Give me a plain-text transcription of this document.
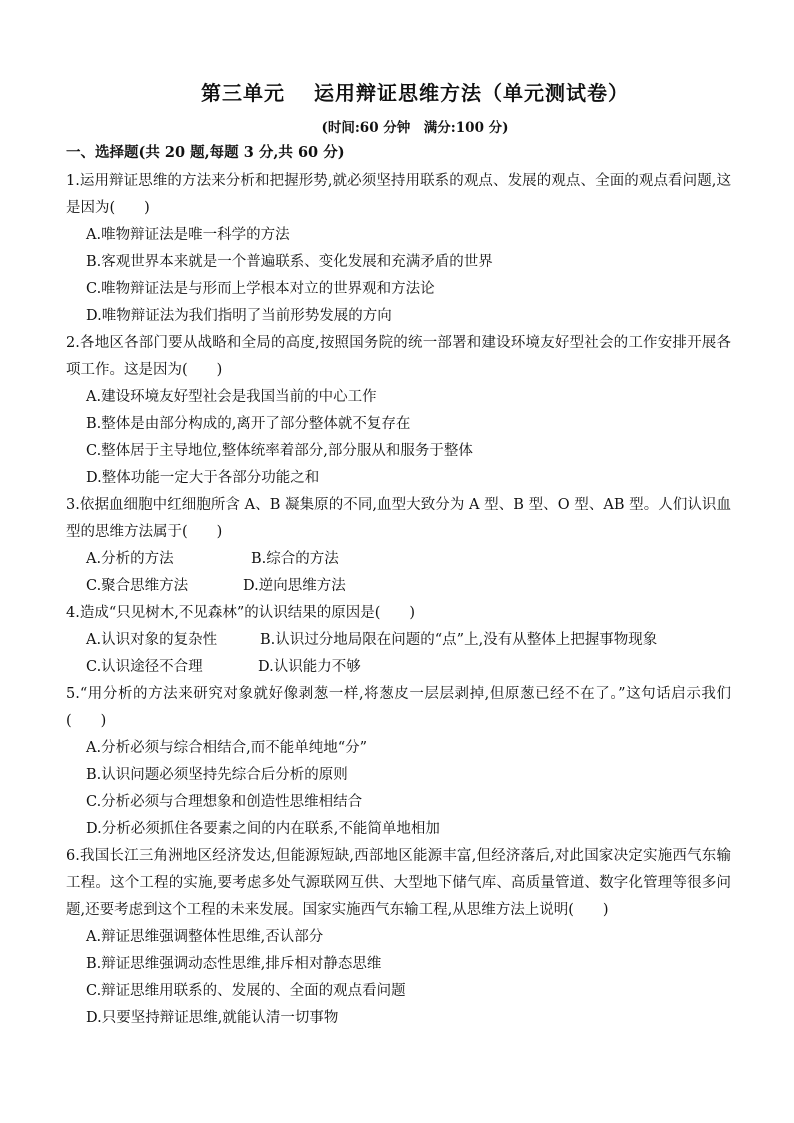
第三单元　 运用辩证思维方法（单元测试卷）
(时间:60 分钟　满分:100 分)
一、选择题(共 20 题,每题 3 分,共 60 分)
1.运用辩证思维的方法来分析和把握形势,就必须坚持用联系的观点、发展的观点、全面的观点看问题,这是因为(　　)
A.唯物辩证法是唯一科学的方法
B.客观世界本来就是一个普遍联系、变化发展和充满矛盾的世界
C.唯物辩证法是与形而上学根本对立的世界观和方法论
D.唯物辩证法为我们指明了当前形势发展的方向
2.各地区各部门要从战略和全局的高度,按照国务院的统一部署和建设环境友好型社会的工作安排开展各项工作。这是因为(　　)
A.建设环境友好型社会是我国当前的中心工作
B.整体是由部分构成的,离开了部分整体就不复存在
C.整体居于主导地位,整体统率着部分,部分服从和服务于整体
D.整体功能一定大于各部分功能之和
3.依据血细胞中红细胞所含 A、B 凝集原的不同,血型大致分为 A 型、B 型、O 型、AB 型。人们认识血型的思维方法属于(　　)
A.分析的方法	B.综合的方法
C.聚合思维方法	D.逆向思维方法
4.造成“只见树木,不见森林”的认识结果的原因是(　　)
A.认识对象的复杂性	B.认识过分地局限在问题的“点”上,没有从整体上把握事物现象
C.认识途径不合理	D.认识能力不够
5.“用分析的方法来研究对象就好像剥葱一样,将葱皮一层层剥掉,但原葱已经不在了。”这句话启示我们(　　)
A.分析必须与综合相结合,而不能单纯地“分”
B.认识问题必须坚持先综合后分析的原则
C.分析必须与合理想象和创造性思维相结合
D.分析必须抓住各要素之间的内在联系,不能简单地相加
6.我国长江三角洲地区经济发达,但能源短缺,西部地区能源丰富,但经济落后,对此国家决定实施西气东输工程。这个工程的实施,要考虑多处气源联网互供、大型地下储气库、高质量管道、数字化管理等很多问题,还要考虑到这个工程的未来发展。国家实施西气东输工程,从思维方法上说明(　　)
A.辩证思维强调整体性思维,否认部分
B.辩证思维强调动态性思维,排斥相对静态思维
C.辩证思维用联系的、发展的、全面的观点看问题
D.只要坚持辩证思维,就能认清一切事物
